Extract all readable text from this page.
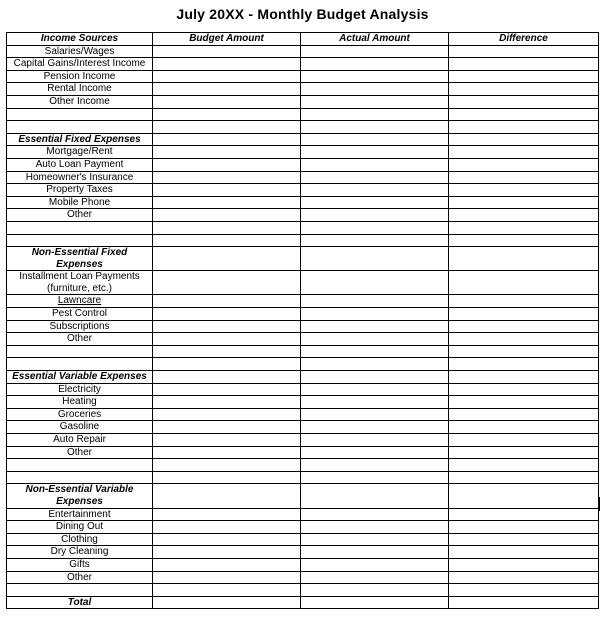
July 20XX - Monthly Budget Analysis
Income Sources	Budget Amount	Actual Amount	Difference
Salaries/Wages			
Capital Gains/Interest Income			
Pension Income			
Rental Income			
Other Income			

Essential Fixed Expenses			
Mortgage/Rent			
Auto Loan Payment			
Homeowner's Insurance			
Property Taxes			
Mobile Phone			
Other			

Non-Essential Fixed Expenses			
Installment Loan Payments (furniture, etc.)			
Lawncare			
Pest Control			
Subscriptions			
Other			

Essential Variable Expenses			
Electricity			
Heating			
Groceries			
Gasoline			
Auto Repair			
Other			

Non-Essential Variable Expenses			
Entertainment			
Dining Out			
Clothing			
Dry Cleaning			
Gifts			
Other			

Total			
